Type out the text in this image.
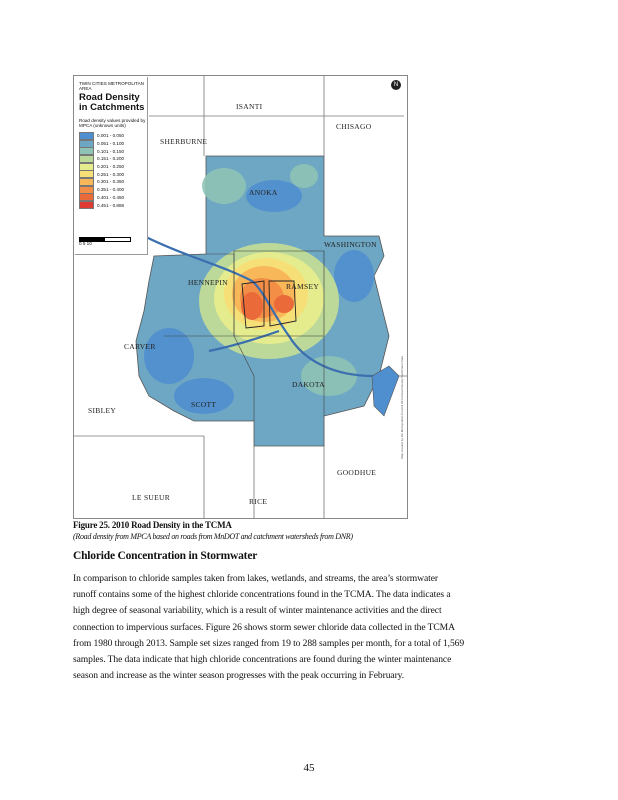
TWIN CITIES METROPOLITAN AREA
Road Density in Catchments
Road density values provided by MPCA (unknown units)
0.001 - 0.050
0.051 - 0.100
0.101 - 0.150
0.151 - 0.200
0.201 - 0.250
0.251 - 0.300
0.301 - 0.350
0.351 - 0.400
0.401 - 0.450
0.451 - 0.886
0 5 10
N
ISANTI
CHISAGO
SHERBURNE
ANOKA
WASHINGTON
HENNEPIN	RAMSEY
CARVER
DAKOTA
SCOTT
SIBLEY
GOODHUE
LE SUEUR	RICE
Map created by the Metropolitan Council 2014 Road Density Catchment Data
Figure 25. 2010 Road Density in the TCMA
(Road density from MPCA based on roads from MnDOT and catchment watersheds from DNR)
Chloride Concentration in Stormwater
In comparison to chloride samples taken from lakes, wetlands, and streams, the area’s stormwater
runoff contains some of the highest chloride concentrations found in the TCMA. The data indicates a
high degree of seasonal variability, which is a result of winter maintenance activities and the direct
connection to impervious surfaces. Figure 26 shows storm sewer chloride data collected in the TCMA
from 1980 through 2013. Sample set sizes ranged from 19 to 288 samples per month, for a total of 1,569
samples. The data indicate that high chloride concentrations are found during the winter maintenance
season and increase as the winter season progresses with the peak occurring in February.
45
